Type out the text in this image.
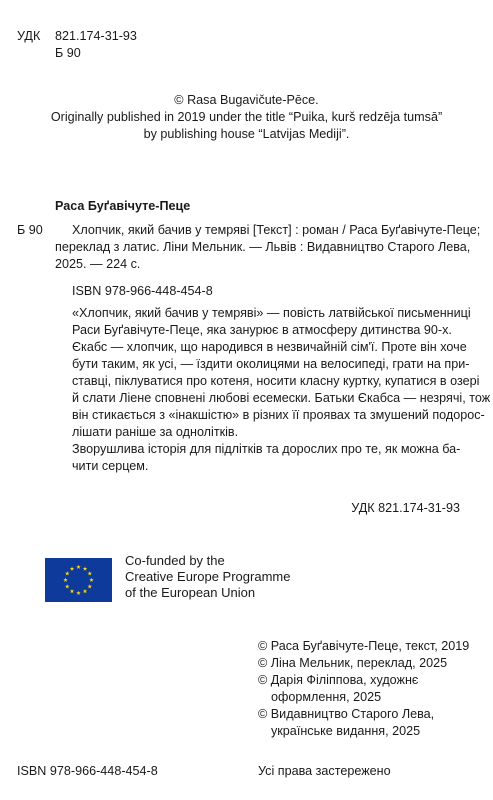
УДК	821.174-31-93
Б 90
© Rasa Bugavičute-Pēce.
Originally published in 2019 under the title “Puika, kurš redzēja tumsā”
by publishing house “Latvijas Mediji”.
Раса Буґавічуте-Пеце
Б 90	Хлопчик, який бачив у темряві [Текст] : роман / Раса Буґавічуте-Пеце;
переклад з латис. Ліни Мельник. — Львів : Видавництво Старого Лева,
2025. — 224 с.
ISBN 978-966-448-454-8
«Хлопчик, який бачив у темряві» — повість латвійської письменниці
Раси Буґавічуте-Пеце, яка занурює в атмосферу дитинства 90-х.
Єкабс — хлопчик, що народився в незвичайній сім'ї. Проте він хоче
бути таким, як усі, — їздити околицями на велосипеді, грати на при-
ставці, піклуватися про котеня, носити класну куртку, купатися в озері
й слати Ліене сповнені любові есемески. Батьки Єкабса — незрячі, тож
він стикається з «інакшістю» в різних її проявах та змушений подорос-
лішати раніше за однолітків.
Зворушлива історія для підлітків та дорослих про те, як можна ба-
чити серцем.
УДК 821.174-31-93
Co-funded by the
Creative Europe Programme
of the European Union
© Раса Буґавічуте-Пеце, текст, 2019
© Ліна Мельник, переклад, 2025
© Дарія Філіппова, художнє
оформлення, 2025
© Видавництво Старого Лева,
українське видання, 2025
ISBN 978-966-448-454-8	Усі права застережено
